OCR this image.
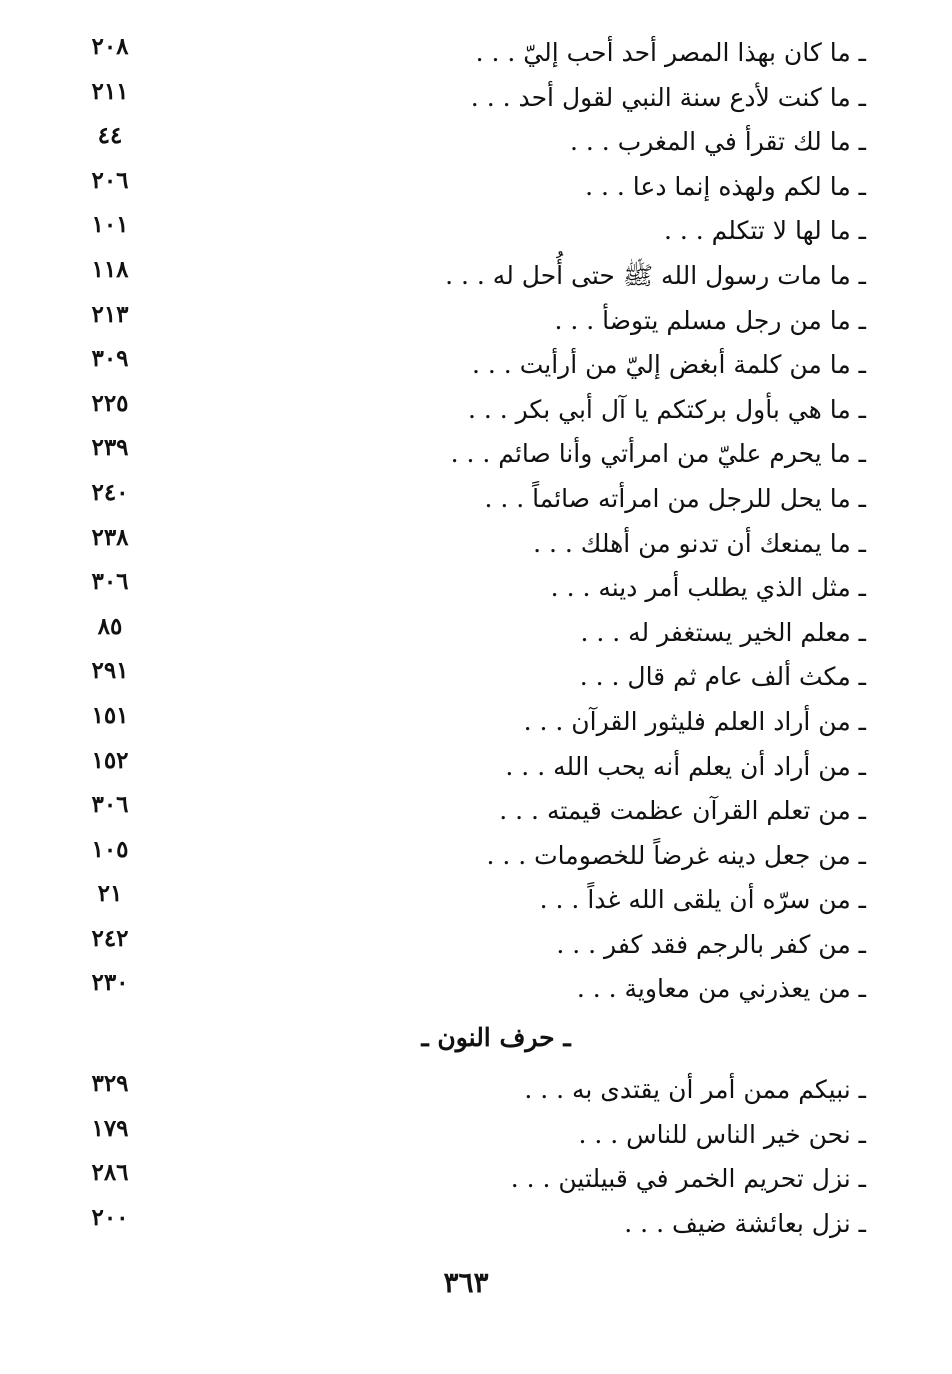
ـ ما كان بهذا المصر أحد أحب إليّ . . .
٢٠٨
ـ ما كنت لأدع سنة النبي لقول أحد . . .
٢١١
ـ ما لك تقرأ في المغرب . . .
٤٤
ـ ما لكم ولهذه إنما دعا . . .
٢٠٦
ـ ما لها لا تتكلم . . .
١٠١
ـ ما مات رسول الله ﷺ حتى أُحل له . . .
١١٨
ـ ما من رجل مسلم يتوضأ . . .
٢١٣
ـ ما من كلمة أبغض إليّ من أرأيت . . .
٣٠٩
ـ ما هي بأول بركتكم يا آل أبي بكر . . .
٢٢٥
ـ ما يحرم عليّ من امرأتي وأنا صائم . . .
٢٣٩
ـ ما يحل للرجل من امرأته صائماً . . .
٢٤٠
ـ ما يمنعك أن تدنو من أهلك . . .
٢٣٨
ـ مثل الذي يطلب أمر دينه . . .
٣٠٦
ـ معلم الخير يستغفر له . . .
٨٥
ـ مكث ألف عام ثم قال . . .
٢٩١
ـ من أراد العلم فليثور القرآن . . .
١٥١
ـ من أراد أن يعلم أنه يحب الله . . .
١٥٢
ـ من تعلم القرآن عظمت قيمته . . .
٣٠٦
ـ من جعل دينه غرضاً للخصومات . . .
١٠٥
ـ من سرّه أن يلقى الله غداً . . .
٢١
ـ من كفر بالرجم فقد كفر . . .
٢٤٢
ـ من يعذرني من معاوية . . .
٢٣٠
ـ حرف النون ـ
ـ نبيكم ممن أمر أن يقتدى به . . .
٣٢٩
ـ نحن خير الناس للناس . . .
١٧٩
ـ نزل تحريم الخمر في قبيلتين . . .
٢٨٦
ـ نزل بعائشة ضيف . . .
٢٠٠
٣٦٣
